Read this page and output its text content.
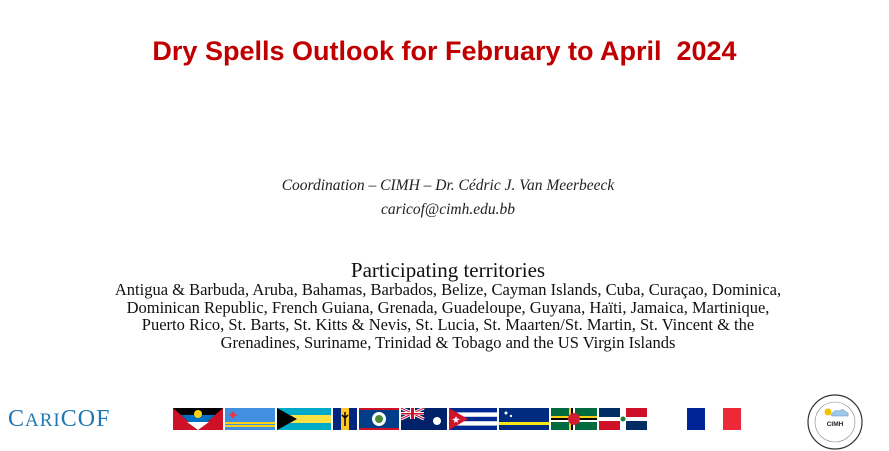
Dry Spells Outlook for February to April  2024
Coordination – CIMH – Dr. Cédric J. Van Meerbeeck
caricof@cimh.edu.bb
Participating territories
Antigua & Barbuda, Aruba, Bahamas, Barbados, Belize, Cayman Islands, Cuba, Curaçao, Dominica,
Dominican Republic, French Guiana, Grenada, Guadeloupe, Guyana, Haïti, Jamaica, Martinique,
Puerto Rico, St. Barts, St. Kitts & Nevis, St. Lucia, St. Maarten/St. Martin, St. Vincent & the
Grenadines, Suriname, Trinidad & Tobago and the US Virgin Islands
CARICOF	CIMH
